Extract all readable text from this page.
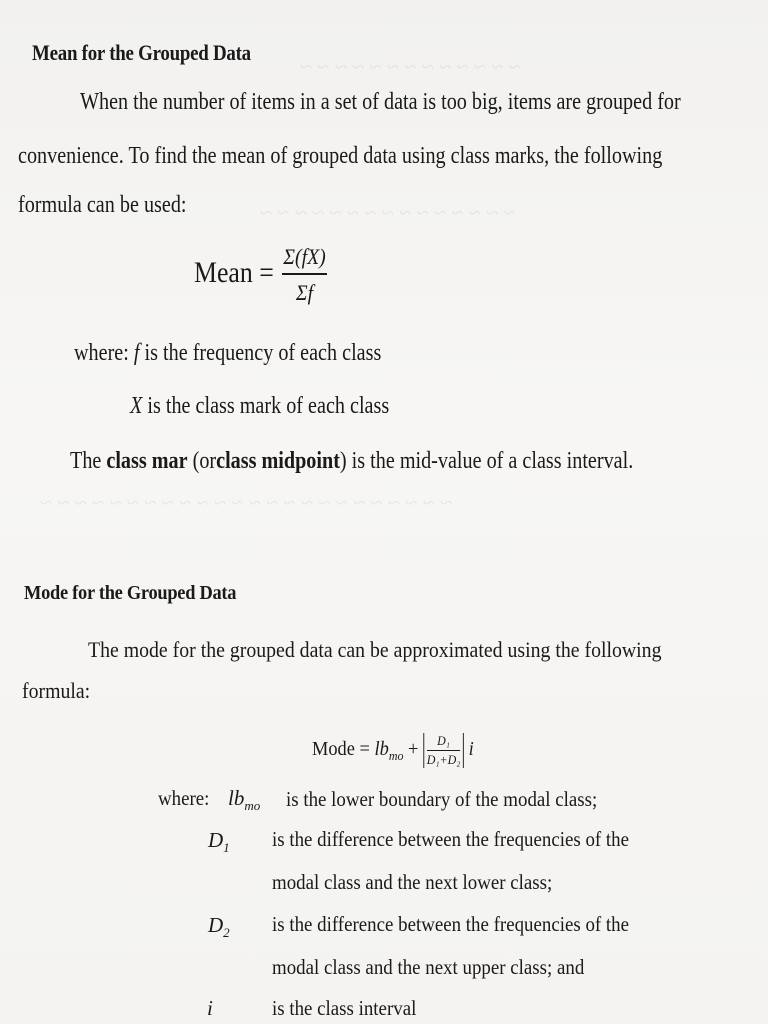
~ ~ ~ ~ ~ ~ ~ ~ ~ ~ ~ ~ ~
~ ~ ~ ~ ~ ~ ~ ~ ~ ~ ~ ~ ~ ~ ~
~ ~ ~ ~ ~ ~ ~ ~ ~ ~ ~ ~ ~ ~ ~ ~ ~ ~ ~ ~ ~ ~ ~ ~
Mean for the Grouped Data
When the number of items in a set of data is too big, items are grouped for
convenience. To find the mean of grouped data using class marks, the following
formula can be used:
Mean = Σ(fX)
Σf
where: f is the frequency of each class
X is the class mark of each class
The class mar (orclass midpoint) is the mid-value of a class interval.
Mode for the Grouped Data
The mode for the grouped data can be approximated using the following
formula:
Mode = $lb_{mo} + \frac{\text{D₁}}{\text{D₁+D₂}}$ i
where: $lb_{mo}$ is the lower boundary of the modal class;
$D_1$ is the difference between the frequencies of the
modal class and the next lower class;
$D_2$ is the difference between the frequencies of the
modal class and the next upper class; and
i	is the class interval
